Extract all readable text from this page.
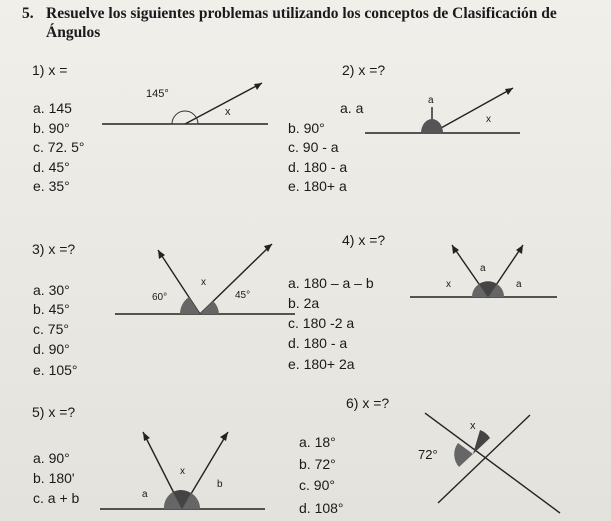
5. Resuelve los siguientes problemas utilizando los conceptos de Clasificación de
Ángulos
1) x =
a. 145
b. 90°
c. 72. 5°
d. 45°
e. 35°
145°
x
2) x =?
a. a
b. 90°
c. 90 - a
d. 180 - a
e. 180+ a
a
x
3) x =?
a. 30°
b. 45°
c. 75°
d. 90°
e. 105°
60°	45°
x
4) x =?
a. 180 – a – b
b. 2a
c. 180 -2 a
d. 180 - a
e. 180+ 2a
a
x	a
5) x =?
a. 90°
b. 180'
c. a + b	a
x
b
6) x =?
a. 18°
b. 72°
c. 90°
d. 108°
72°
x
